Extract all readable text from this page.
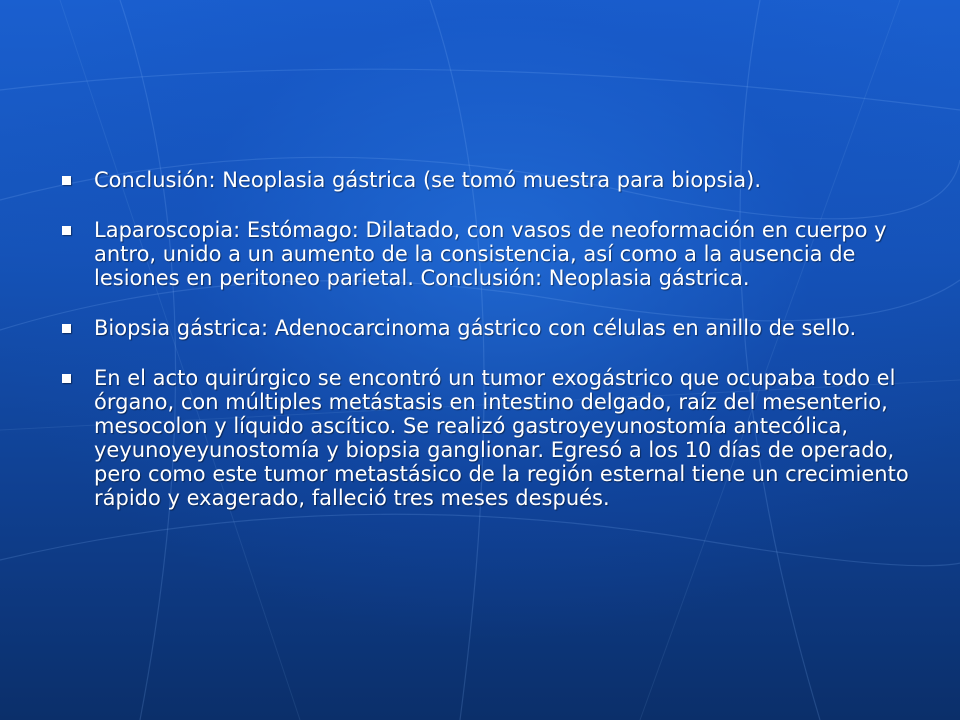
Conclusión: Neoplasia gástrica (se tomó muestra para biopsia).
Laparoscopia: Estómago: Dilatado, con vasos de neoformación en cuerpo y antro, unido a un aumento de la consistencia, así como a la ausencia de lesiones en peritoneo parietal. Conclusión: Neoplasia gástrica.
Biopsia gástrica: Adenocarcinoma gástrico con células en anillo de sello.
En el acto quirúrgico se encontró un tumor exogástrico que ocupaba todo el órgano, con múltiples metástasis en intestino delgado, raíz del mesenterio, mesocolon y líquido ascítico. Se realizó gastroyeyunostomía antecólica, yeyunoyeyunostomía y biopsia ganglionar. Egresó a los 10 días de operado, pero como este tumor metastásico de la región esternal tiene un crecimiento rápido y exagerado, falleció tres meses después.
